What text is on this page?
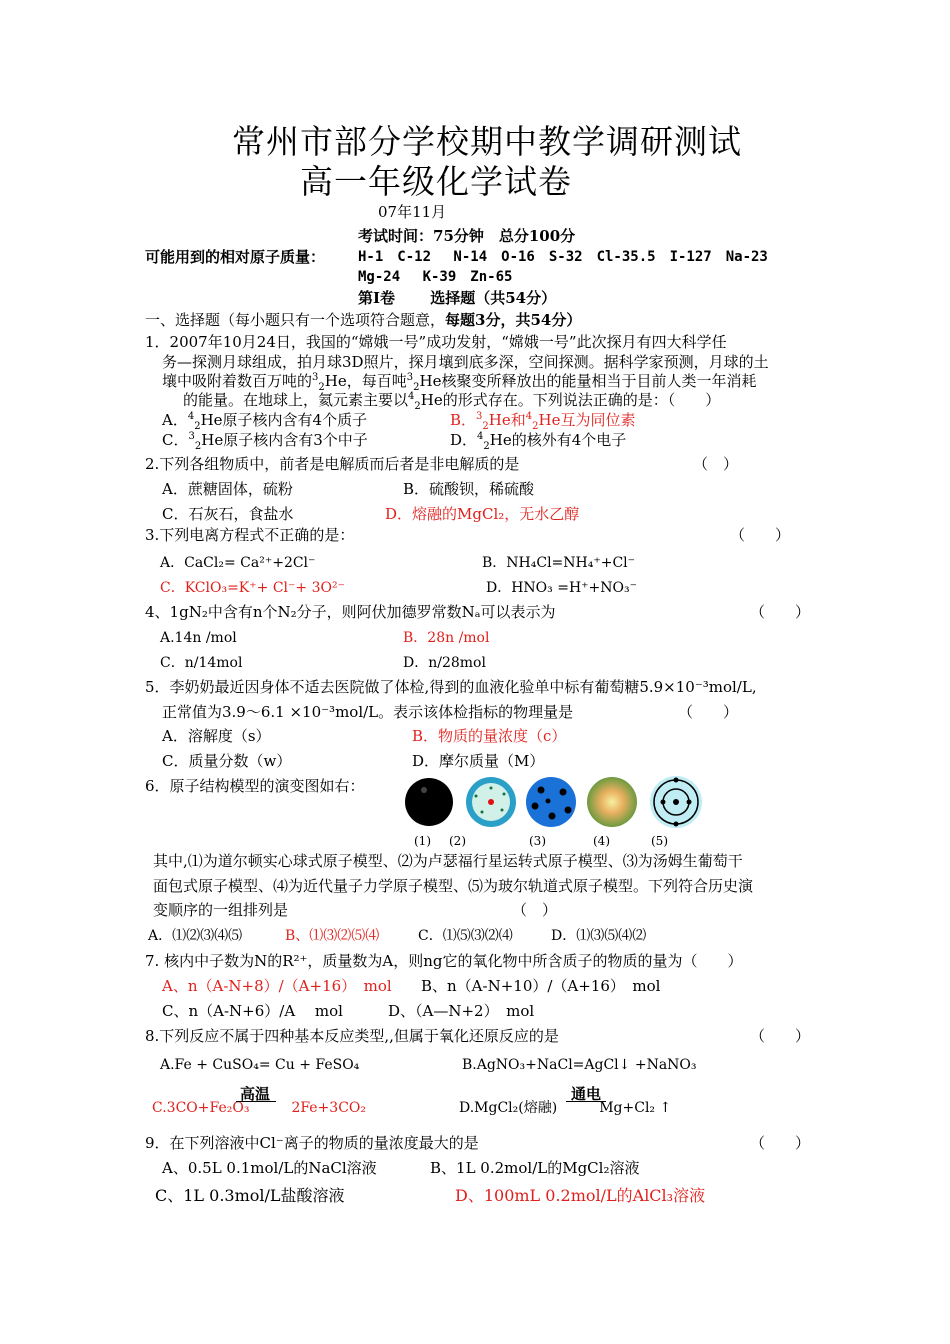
常州市部分学校期中教学调研测试
高一年级化学试卷
07年11月
考试时间：75分钟　总分100分
可能用到的相对原子质量： H-1　C-12　 N-14　O-16　S-32　Cl-35.5　I-127　Na-23
Mg-24　 K-39　Zn-65
第Ⅰ卷　　 选择题（共54分）
一、选择题（每小题只有一个选项符合题意，每题3分，共54分）
1．2007年10月24日，我国的“嫦娥一号”成功发射，“嫦娥一号”此次探月有四大科学任
务—探测月球组成，拍月球3D照片，探月壤到底多深，空间探测。据科学家预测，月球的土
壤中吸附着数百万吨的$^3_2$He，每百吨$^3_2$He核聚变所释放出的能量相当于目前人类一年消耗
的能量。在地球上，氦元素主要以$^4_2$He的形式存在。下列说法正确的是：（　　）
A．$^4_2$He原子核内含有4个质子	B．$^3_2$He和$^4_2$He互为同位素
C．$^3_2$He原子核内含有3个中子	D．$^4_2$He的核外有4个电子
2.下列各组物质中，前者是电解质而后者是非电解质的是	（　）
A．蔗糖固体，硫粉	B．硫酸钡，稀硫酸
C．石灰石，食盐水	D．熔融的MgCl₂，无水乙醇
3.下列电离方程式不正确的是：	（　　）
A．CaCl₂= Ca²⁺+2Cl⁻	B．NH₄Cl=NH₄⁺+Cl⁻
C．KClO₃=K⁺+ Cl⁻+ 3O²⁻	D．HNO₃ =H⁺+NO₃⁻
4、1gN₂中含有n个N₂分子，则阿伏加德罗常数Nₐ可以表示为	（　　）
A.14n /mol	B．28n /mol
C．n/14mol	D．n/28mol
5．李奶奶最近因身体不适去医院做了体检,得到的血液化验单中标有葡萄糖5.9×10⁻³mol/L,
正常值为3.9～6.1 ×10⁻³mol/L。表示该体检指标的物理量是	（　　）
A．溶解度（s）	B．物质的量浓度（c）
C．质量分数（w）	D．摩尔质量（M）
6．原子结构模型的演变图如右：
(1) (2)	(3)	(4)	(5)
其中,⑴为道尔顿实心球式原子模型、⑵为卢瑟福行星运转式原子模型、⑶为汤姆生葡萄干
面包式原子模型、⑷为近代量子力学原子模型、⑸为玻尔轨道式原子模型。下列符合历史演
变顺序的一组排列是	（　）
A．⑴⑵⑶⑷⑸	B、⑴⑶⑵⑸⑷	C．⑴⑸⑶⑵⑷	D．⑴⑶⑸⑷⑵
7. 核内中子数为N的R²⁺，质量数为A，则ng它的氧化物中所含质子的物质的量为（　　）
A、n（A-N+8）/（A+16）　mol B、n（A-N+10）/（A+16）　mol
C、n（A-N+6）/A　 mol	D、（A—N+2）　mol
8.下列反应不属于四种基本反应类型,,但属于氧化还原反应的是	（　　）
A.Fe + CuSO₄= Cu + FeSO₄	B.AgNO₃+NaCl=AgCl↓ +NaNO₃
C.3CO+Fe₂O₃	2Fe+3CO₂
高温
D.MgCl₂(熔融)	Mg+Cl₂ ↑
通电
9．在下列溶液中Cl⁻离子的物质的量浓度最大的是	（　　）
A、0.5L 0.1mol/L的NaCl溶液	B、1L 0.2mol/L的MgCl₂溶液
C、1L 0.3mol/L盐酸溶液	D、100mL 0.2mol/L的AlCl₃溶液
